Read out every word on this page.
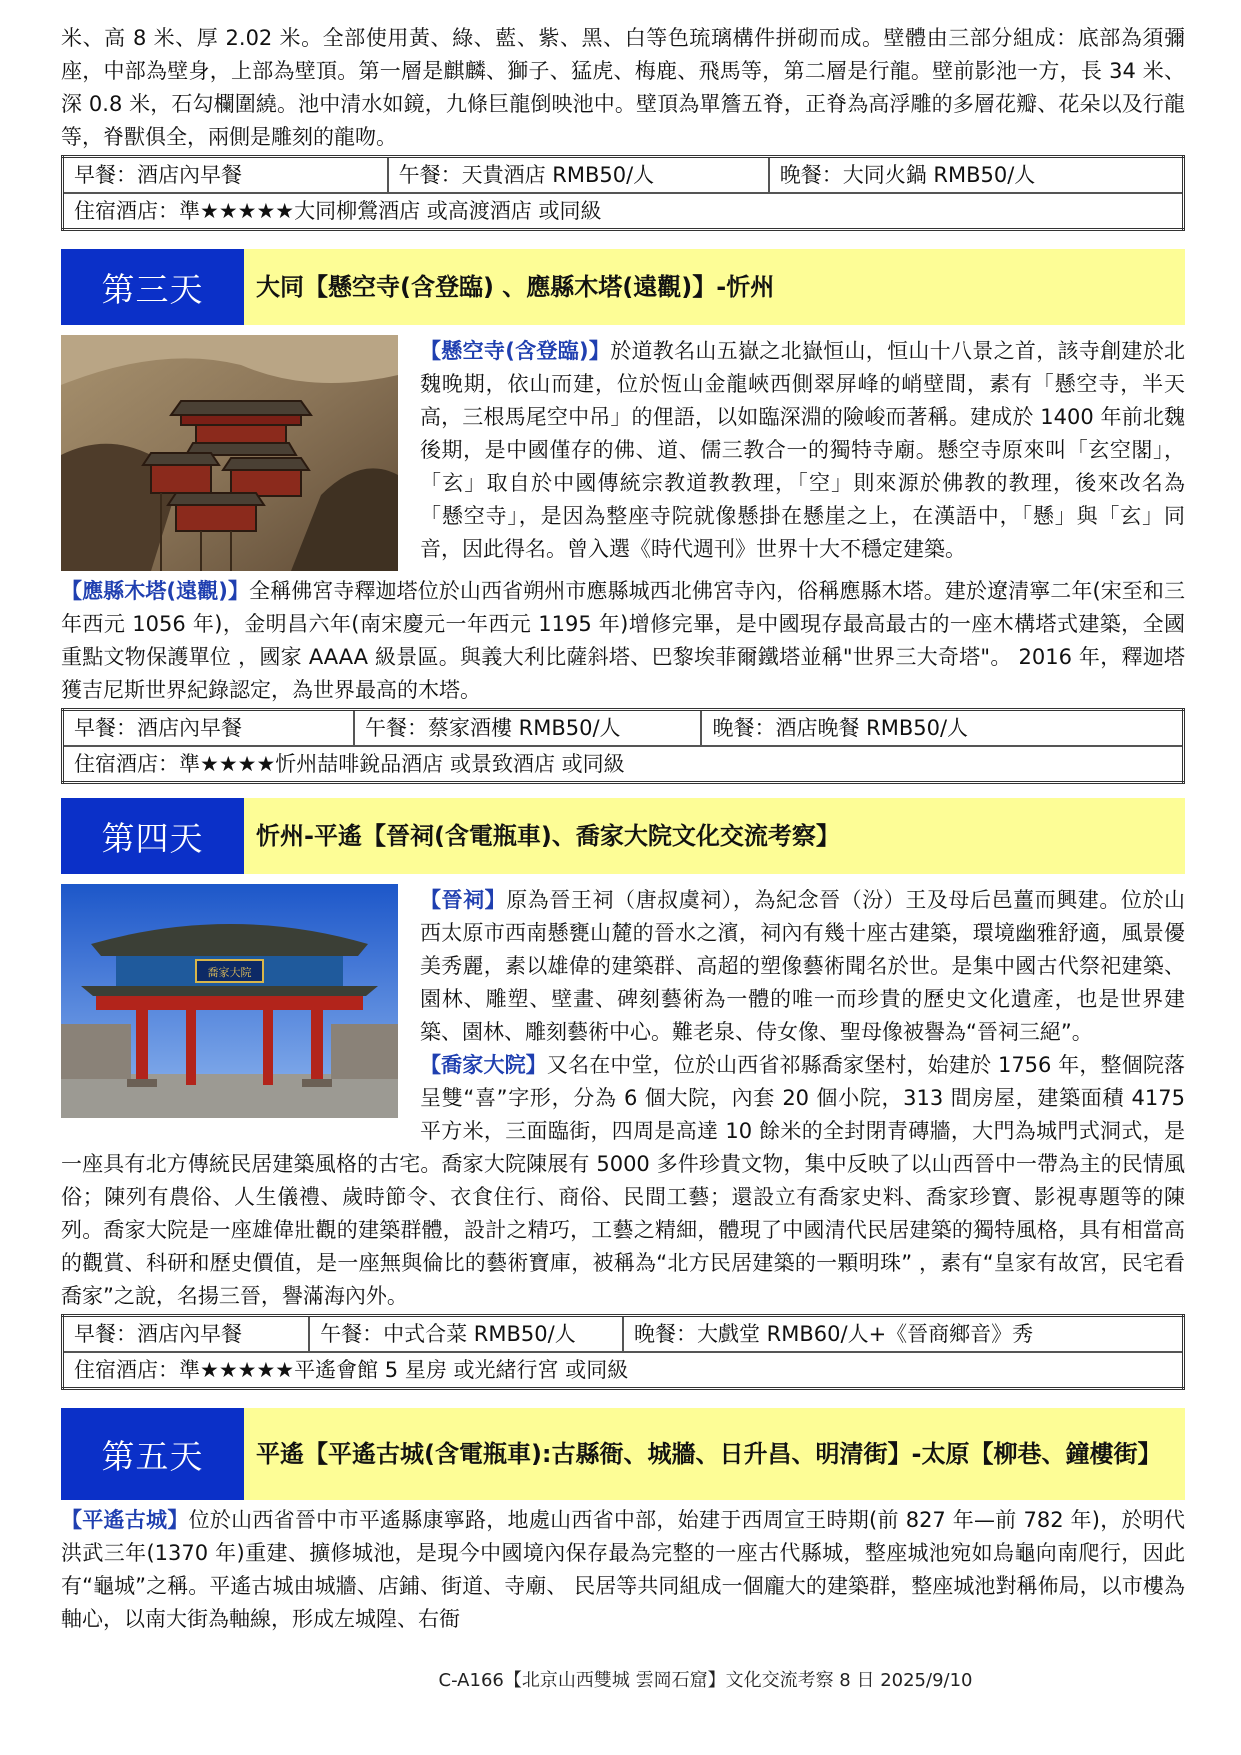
米、高 8 米、厚 2.02 米。全部使用黃、綠、藍、紫、黑、白等色琉璃構件拼砌而成。壁體由三部分組成：底部為須彌座，中部為壁身，上部為壁頂。第一層是麒麟、獅子、猛虎、梅鹿、飛馬等，第二層是行龍。壁前影池一方，長 34 米、深 0.8 米，石勾欄圍繞。池中清水如鏡，九條巨龍倒映池中。壁頂為單簷五脊，正脊為高浮雕的多層花瓣、花朵以及行龍等，脊獸俱全，兩側是雕刻的龍吻。

早餐：酒店內早餐	午餐：天貴酒店 RMB50/人	晚餐：大同火鍋 RMB50/人
住宿酒店：準★★★★★大同柳鶯酒店 或高渡酒店 或同級
第三天	大同【懸空寺(含登臨) 、應縣木塔(遠觀)】-忻州

【懸空寺(含登臨)】於道教名山五嶽之北嶽恒山，恒山十八景之首，該寺創建於北魏晚期，依山而建，位於恆山金龍峽西側翠屏峰的峭壁間，素有「懸空寺，半天高，三根馬尾空中吊」的俚語，以如臨深淵的險峻而著稱。建成於 1400 年前北魏後期，是中國僅存的佛、道、儒三教合一的獨特寺廟。懸空寺原來叫「玄空閣」，「玄」取自於中國傳統宗教道教教理，「空」則來源於佛教的教理，後來改名為「懸空寺」，是因為整座寺院就像懸掛在懸崖之上，在漢語中，「懸」與「玄」同音，因此得名。曾入選《時代週刊》世界十大不穩定建築。

【應縣木塔(遠觀)】全稱佛宮寺釋迦塔位於山西省朔州市應縣城西北佛宮寺內，俗稱應縣木塔。建於遼清寧二年(宋至和三年西元 1056 年)，金明昌六年(南宋慶元一年西元 1195 年)增修完畢，是中國現存最高最古的一座木構塔式建築，全國重點文物保護單位 ，國家 AAAA 級景區。與義大利比薩斜塔、巴黎埃菲爾鐵塔並稱"世界三大奇塔"。 2016 年，釋迦塔獲吉尼斯世界紀錄認定，為世界最高的木塔。

早餐：酒店內早餐	午餐：蔡家酒樓 RMB50/人	晚餐：酒店晚餐 RMB50/人
住宿酒店：準★★★★忻州喆啡銳品酒店 或景致酒店 或同級
第四天	忻州-平遙【晉祠(含電瓶車)、喬家大院文化交流考察】
喬家大院

【晉祠】原為晉王祠（唐叔虞祠），為紀念晉（汾）王及母后邑薑而興建。位於山西太原市西南懸甕山麓的晉水之濱，祠內有幾十座古建築，環境幽雅舒適，風景優美秀麗，素以雄偉的建築群、高超的塑像藝術聞名於世。是集中國古代祭祀建築、園林、雕塑、壁畫、碑刻藝術為一體的唯一而珍貴的歷史文化遺產，也是世界建築、園林、雕刻藝術中心。難老泉、侍女像、聖母像被譽為“晉祠三絕”。

【喬家大院】又名在中堂，位於山西省祁縣喬家堡村，始建於 1756 年，整個院落呈雙“喜”字形，分為 6 個大院，內套 20 個小院，313 間房屋，建築面積 4175 平方米，三面臨街，四周是高達 10 餘米的全封閉青磚牆，大門為城門式洞式，是一座具有北方傳統民居建築風格的古宅。喬家大院陳展有 5000 多件珍貴文物，集中反映了以山西晉中一帶為主的民情風俗；陳列有農俗、人生儀禮、歲時節令、衣食住行、商俗、民間工藝；還設立有喬家史料、喬家珍寶、影視專題等的陳列。喬家大院是一座雄偉壯觀的建築群體，設計之精巧，工藝之精細，體現了中國清代民居建築的獨特風格，具有相當高的觀賞、科研和歷史價值，是一座無與倫比的藝術寶庫，被稱為“北方民居建築的一顆明珠” ，素有“皇家有故宮，民宅看喬家”之說，名揚三晉，譽滿海內外。

早餐：酒店內早餐	午餐：中式合菜 RMB50/人	晚餐：大戲堂 RMB60/人+《晉商鄉音》秀
住宿酒店：準★★★★★平遙會館 5 星房 或光緒行宮 或同級
第五天	平遙【平遙古城(含電瓶車):古縣衙、城牆、日升昌、明清街】-太原【柳巷、鐘樓街】

【平遙古城】位於山西省晉中市平遙縣康寧路，地處山西省中部，始建于西周宣王時期(前 827 年—前 782 年)，於明代洪武三年(1370 年)重建、擴修城池，是現今中國境內保存最為完整的一座古代縣城，整座城池宛如烏龜向南爬行，因此有“龜城”之稱。平遙古城由城牆、店鋪、街道、寺廟、 民居等共同組成一個龐大的建築群，整座城池對稱佈局，以市樓為軸心，以南大街為軸線，形成左城隍、右衙

C-A166【北京山西雙城 雲岡石窟】文化交流考察 8 日 2025/9/10
